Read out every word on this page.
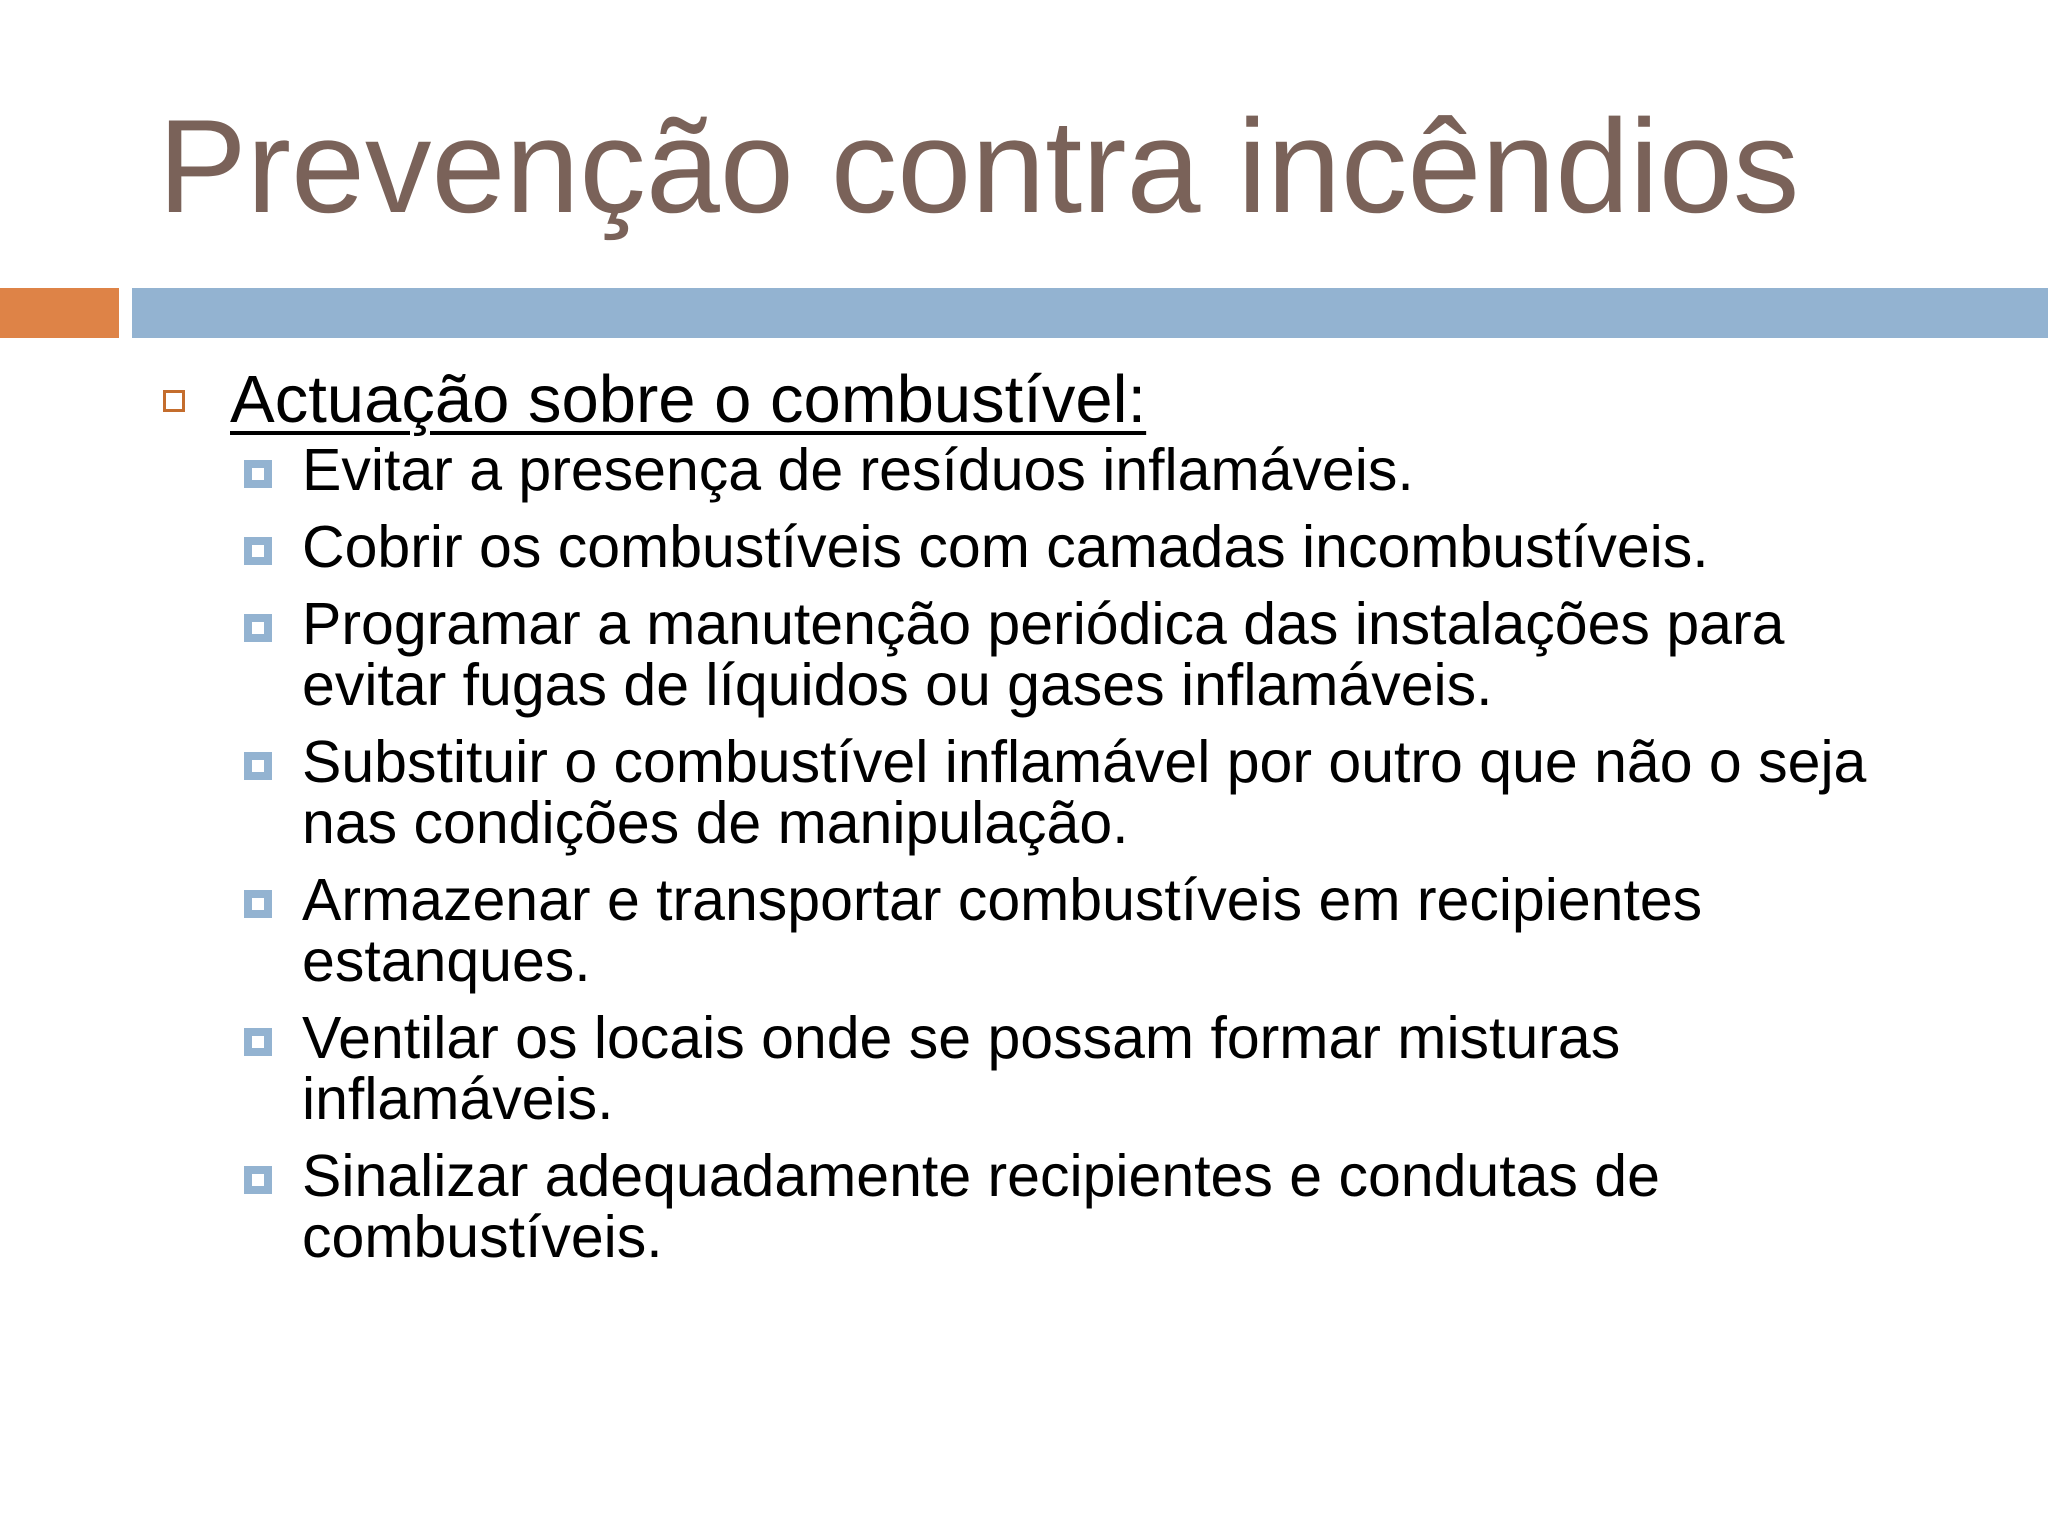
Prevenção contra incêndios
Actuação sobre o combustível:
Evitar a presença de resíduos inflamáveis.
Cobrir os combustíveis com camadas incombustíveis.
Programar a manutenção periódica das instalações para evitar fugas de líquidos ou gases inflamáveis.
Substituir o combustível inflamável por outro que não o seja nas condições de manipulação.
Armazenar e transportar combustíveis em recipientes estanques.
Ventilar os locais onde se possam formar misturas inflamáveis.
Sinalizar adequadamente recipientes e condutas de combustíveis.
